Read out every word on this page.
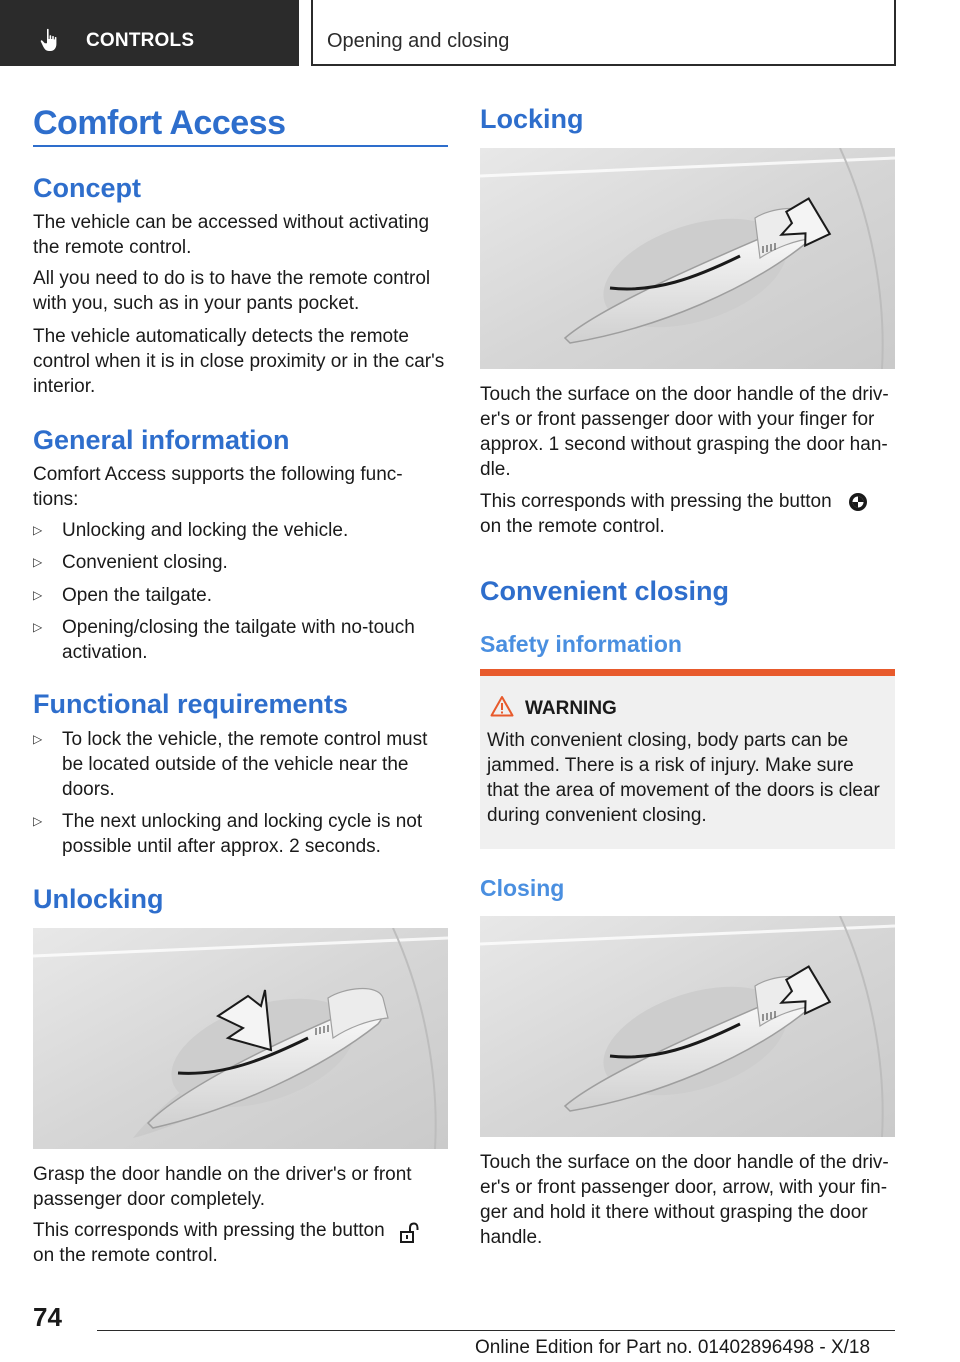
CONTROLS	Opening and closing
Comfort Access
Concept
The vehicle can be accessed without activating the remote control.
All you need to do is to have the remote control with you, such as in your pants pocket.
The vehicle automatically detects the remote control when it is in close proximity or in the car's interior.
General information
Comfort Access supports the following func-tions:
▷	Unlocking and locking the vehicle.
▷	Convenient closing.
▷	Open the tailgate.
▷	Opening/closing the tailgate with no-touch activation.
Functional requirements
▷	To lock the vehicle, the remote control must be located outside of the vehicle near the doors.
▷	The next unlocking and locking cycle is not possible until after approx. 2 seconds.
Unlocking
Grasp the door handle on the driver's or front passenger door completely.
This corresponds with pressing the button
on the remote control.
Locking
Touch the surface on the door handle of the driv-er's or front passenger door with your finger for approx. 1 second without grasping the door han-dle.
This corresponds with pressing the button
on the remote control.
Convenient closing
Safety information
WARNING
With convenient closing, body parts can be jammed. There is a risk of injury. Make sure that the area of movement of the doors is clear during convenient closing.
Closing
Touch the surface on the door handle of the driv-er's or front passenger door, arrow, with your fin-ger and hold it there without grasping the door handle.
74
Online Edition for Part no. 01402896498 - X/18
